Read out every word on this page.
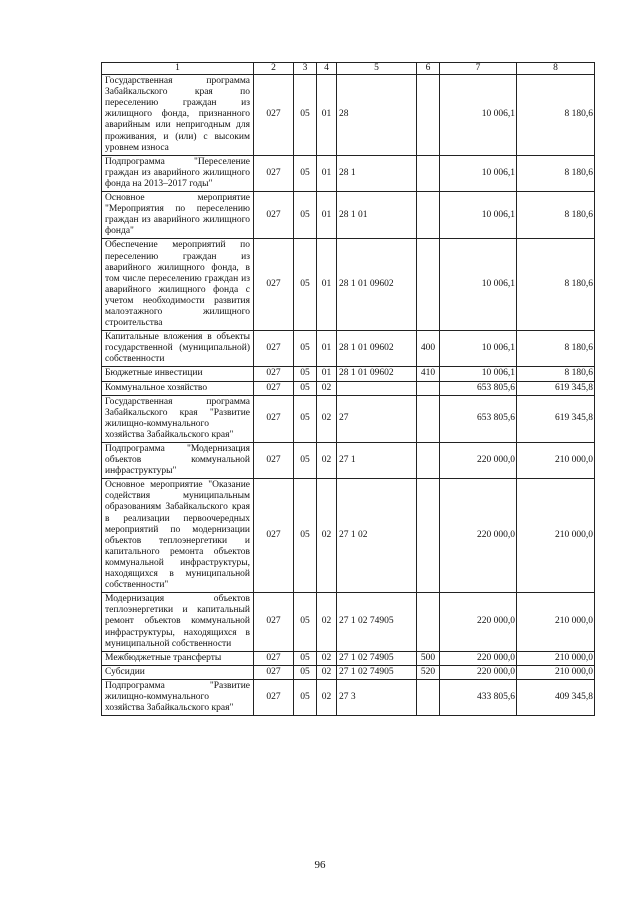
1	2	3	4	5	6	7	8
Государственная программа Забайкальского края по переселению граждан из жилищного фонда, признанного аварийным или непригодным для проживания, и (или) с высоким уровнем износа	027	05	01	28		10 006,1	8 180,6
Подпрограмма "Переселение граждан из аварийного жилищного фонда на 2013–2017 годы"	027	05	01	28 1		10 006,1	8 180,6
Основное мероприятие "Мероприятия по переселению граждан из аварийного жилищного фонда"	027	05	01	28 1 01		10 006,1	8 180,6
Обеспечение мероприятий по переселению граждан из аварийного жилищного фонда, в том числе переселению граждан из аварийного жилищного фонда с учетом необходимости развития малоэтажного жилищного строительства	027	05	01	28 1 01 09602		10 006,1	8 180,6
Капитальные вложения в объекты государственной (муниципальной) собственности	027	05	01	28 1 01 09602	400	10 006,1	8 180,6
Бюджетные инвестиции	027	05	01	28 1 01 09602	410	10 006,1	8 180,6
Коммунальное хозяйство	027	05	02			653 805,6	619 345,8
Государственная программа Забайкальского края "Развитие жилищно-коммунального хозяйства Забайкальского края"	027	05	02	27		653 805,6	619 345,8
Подпрограмма "Модернизация объектов коммунальной инфраструктуры"	027	05	02	27 1		220 000,0	210 000,0
Основное мероприятие "Оказание содействия муниципальным образованиям Забайкальского края в реализации первоочередных мероприятий по модернизации объектов теплоэнергетики и капитального ремонта объектов коммунальной инфраструктуры, находящихся в муниципальной собственности"	027	05	02	27 1 02		220 000,0	210 000,0
Модернизация объектов теплоэнергетики и капитальный ремонт объектов коммунальной инфраструктуры, находящихся в муниципальной собственности	027	05	02	27 1 02 74905		220 000,0	210 000,0
Межбюджетные трансферты	027	05	02	27 1 02 74905	500	220 000,0	210 000,0
Субсидии	027	05	02	27 1 02 74905	520	220 000,0	210 000,0
Подпрограмма "Развитие жилищно-коммунального хозяйства Забайкальского края"	027	05	02	27 3		433 805,6	409 345,8
96
